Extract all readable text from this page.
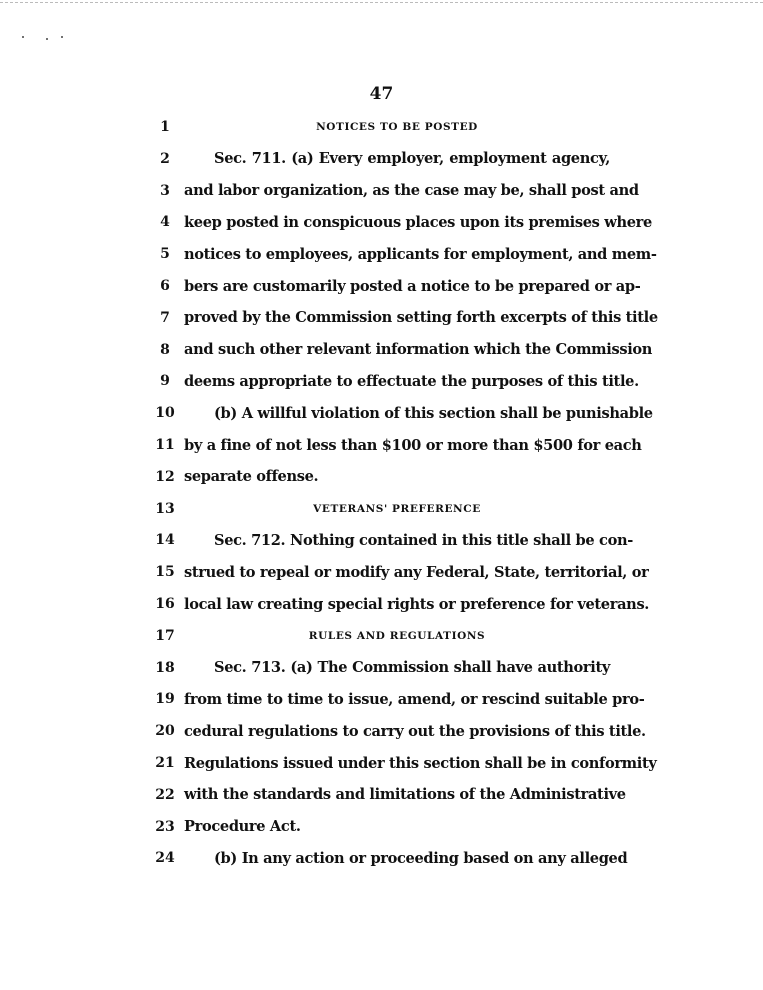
47
1	NOTICES TO BE POSTED
2	Sec. 711. (a) Every employer, employment agency,
3 and labor organization, as the case may be, shall post and
4 keep posted in conspicuous places upon its premises where
5 notices to employees, applicants for employment, and mem-
6 bers are customarily posted a notice to be prepared or ap-
7 proved by the Commission setting forth excerpts of this title
8 and such other relevant information which the Commission
9 deems appropriate to effectuate the purposes of this title.
10	(b) A willful violation of this section shall be punishable
11 by a fine of not less than $100 or more than $500 for each
12 separate offense.
13	VETERANS' PREFERENCE
14	Sec. 712. Nothing contained in this title shall be con-
15 strued to repeal or modify any Federal, State, territorial, or
16 local law creating special rights or preference for veterans.
17	RULES AND REGULATIONS
18	Sec. 713. (a) The Commission shall have authority
19 from time to time to issue, amend, or rescind suitable pro-
20 cedural regulations to carry out the provisions of this title.
21 Regulations issued under this section shall be in conformity
22 with the standards and limitations of the Administrative
23 Procedure Act.
24	(b) In any action or proceeding based on any alleged
